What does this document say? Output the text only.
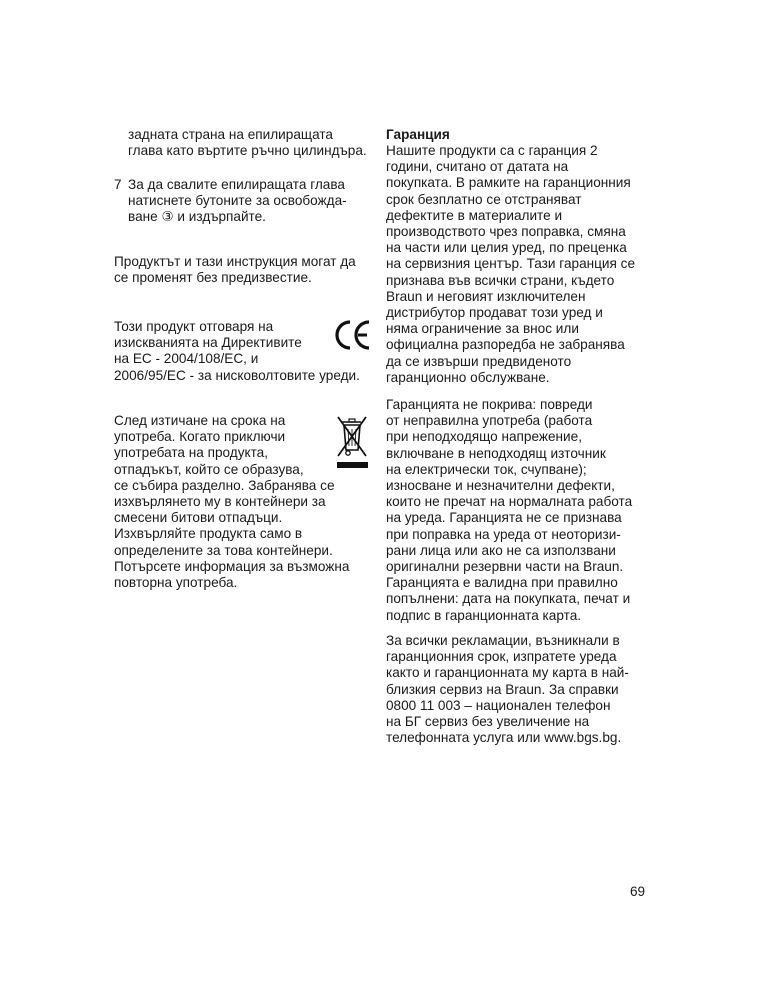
задната страна на епилиращата
глава като въртите ръчно цилиндъра.
7 За да свалите епилиращата глава
натиснете бутоните за освобожда-
ване ③ и издърпайте.
Продуктът и тази инструкция могат да
се променят без предизвестие.
Този продукт отговаря на
изискванията на Директивите
на ЕС - 2004/108/EC, и
2006/95/EC - за нисковолтовите уреди.
След изтичане на срока на
употреба. Когато приключи
употребата на продукта,
отпадъкът, който се образува,
се събира разделно. Забранява се
изхвърлянето му в контейнери за
смесени битови отпадъци.
Изхвърляйте продукта само в
определените за това контейнери.
Потърсете информация за възможна
повторна употреба.
Гаранция
Нашите продукти са с гаранция 2
години, считано от датата на
покупката. В рамките на гаранционния
срок безплатно се отстраняват
дефектите в материалите и
производството чрез поправка, смяна
на части или целия уред, по преценка
на сервизния център. Тази гаранция се
признава във всички страни, където
Braun и неговият изключителен
дистрибутор продават този уред и
няма ограничение за внос или
официална разпоредба не забранява
да се извърши предвиденото
гаранционно обслужване.
Гаранцията не покрива: повреди
от неправилна употреба (работа
при неподходящо напрежение,
включване в неподходящ източник
на електрически ток, счупване);
износване и незначителни дефекти,
които не пречат на нормалната работа
на уреда. Гаранцията не се признава
при поправка на уреда от неоторизи-
рани лица или ако не са използвани
оригинални резервни части на Braun.
Гаранцията е валидна при правилно
попълнени: дата на покупката, печат и
подпис в гаранционната карта.
За всички рекламации, възникнали в
гаранционния срок, изпратете уреда
както и гаранционната му карта в най-
близкия сервиз на Braun. За справки
0800 11 003 – национален телефон
на БГ сервиз без увеличение на
телефонната услуга или www.bgs.bg.
69
